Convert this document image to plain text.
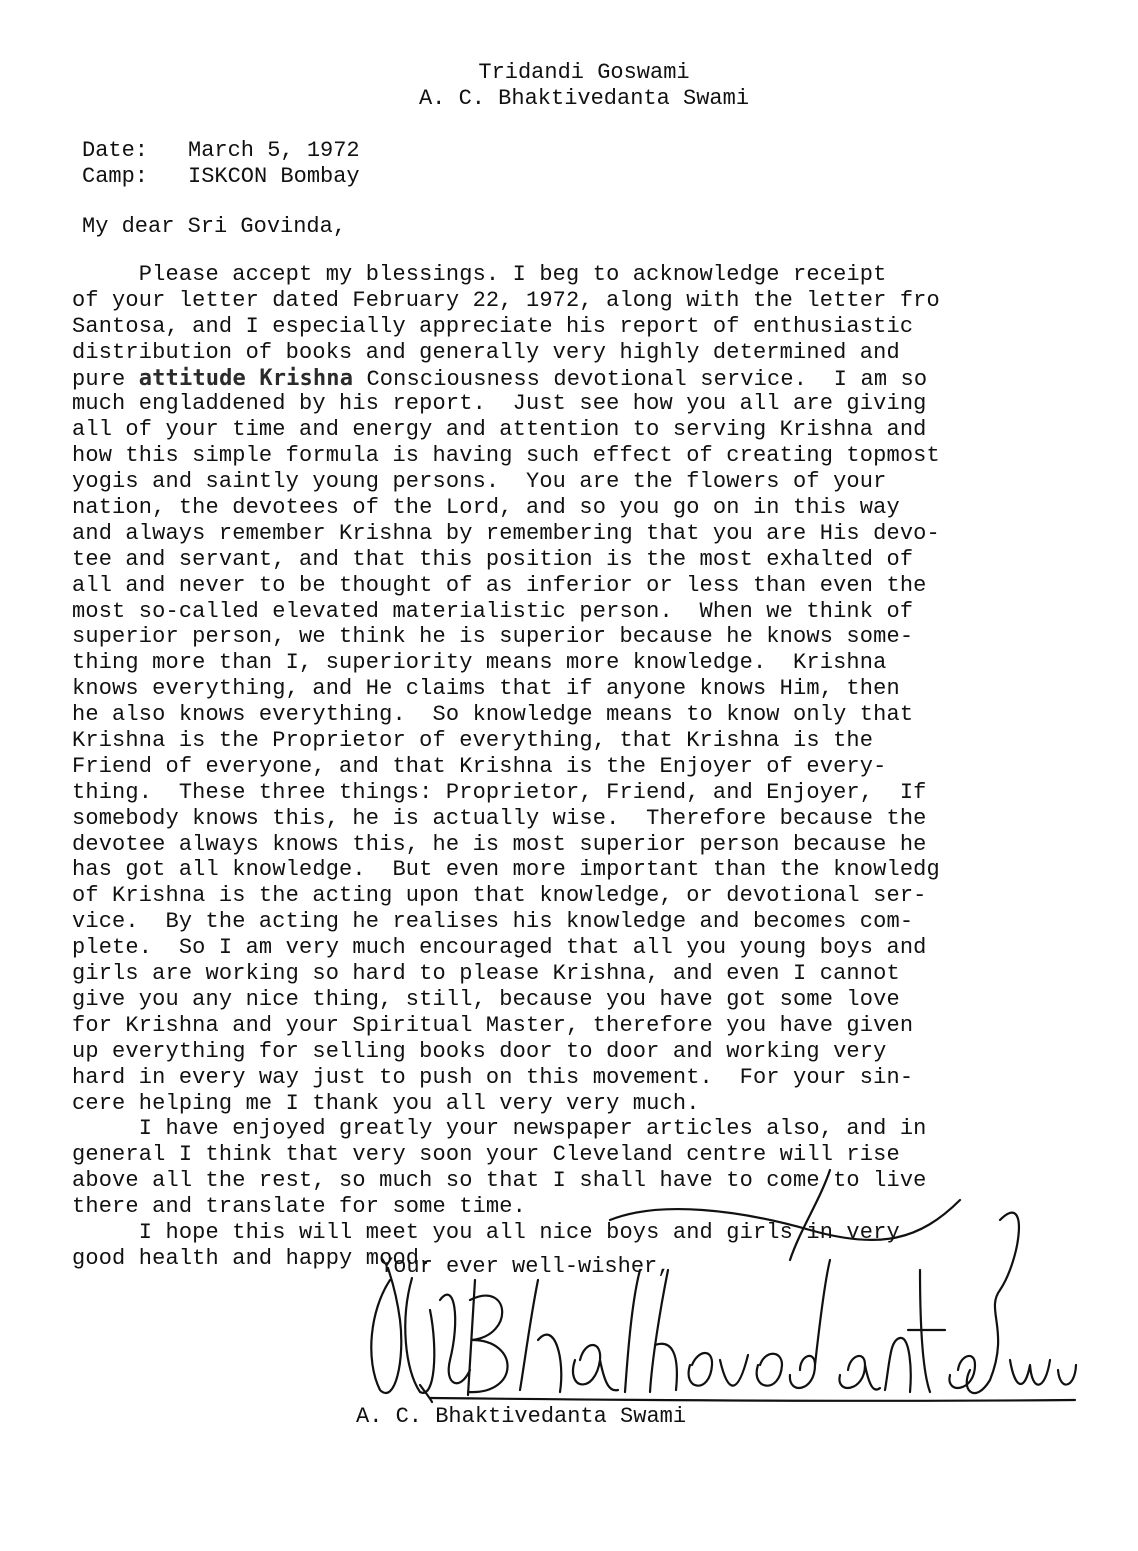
Tridandi Goswami
A. C. Bhaktivedanta Swami
Date: March 5, 1972
Camp: ISKCON Bombay
My dear Sri Govinda,
Please accept my blessings. I beg to acknowledge receipt
of your letter dated February 22, 1972, along with the letter fro
Santosa, and I especially appreciate his report of enthusiastic
distribution of books and generally very highly determined and
pure attitude Krishna Consciousness devotional service.  I am so
much engladdened by his report.  Just see how you all are giving
all of your time and energy and attention to serving Krishna and
how this simple formula is having such effect of creating topmost
yogis and saintly young persons.  You are the flowers of your
nation, the devotees of the Lord, and so you go on in this way
and always remember Krishna by remembering that you are His devo-
tee and servant, and that this position is the most exhalted of
all and never to be thought of as inferior or less than even the
most so-called elevated materialistic person.  When we think of
superior person, we think he is superior because he knows some-
thing more than I, superiority means more knowledge.  Krishna
knows everything, and He claims that if anyone knows Him, then
he also knows everything.  So knowledge means to know only that
Krishna is the Proprietor of everything, that Krishna is the
Friend of everyone, and that Krishna is the Enjoyer of every-
thing.  These three things: Proprietor, Friend, and Enjoyer,  If
somebody knows this, he is actually wise.  Therefore because the
devotee always knows this, he is most superior person because he
has got all knowledge.  But even more important than the knowledg
of Krishna is the acting upon that knowledge, or devotional ser-
vice.  By the acting he realises his knowledge and becomes com-
plete.  So I am very much encouraged that all you young boys and
girls are working so hard to please Krishna, and even I cannot
give you any nice thing, still, because you have got some love
for Krishna and your Spiritual Master, therefore you have given
up everything for selling books door to door and working very
hard in every way just to push on this movement.  For your sin-
cere helping me I thank you all very very much.
I have enjoyed greatly your newspaper articles also, and in
general I think that very soon your Cleveland centre will rise
above all the rest, so much so that I shall have to come to live
there and translate for some time.
I hope this will meet you all nice boys and girls in very
good health and happy mood.
Your ever well-wisher,
A. C. Bhaktivedanta Swami
